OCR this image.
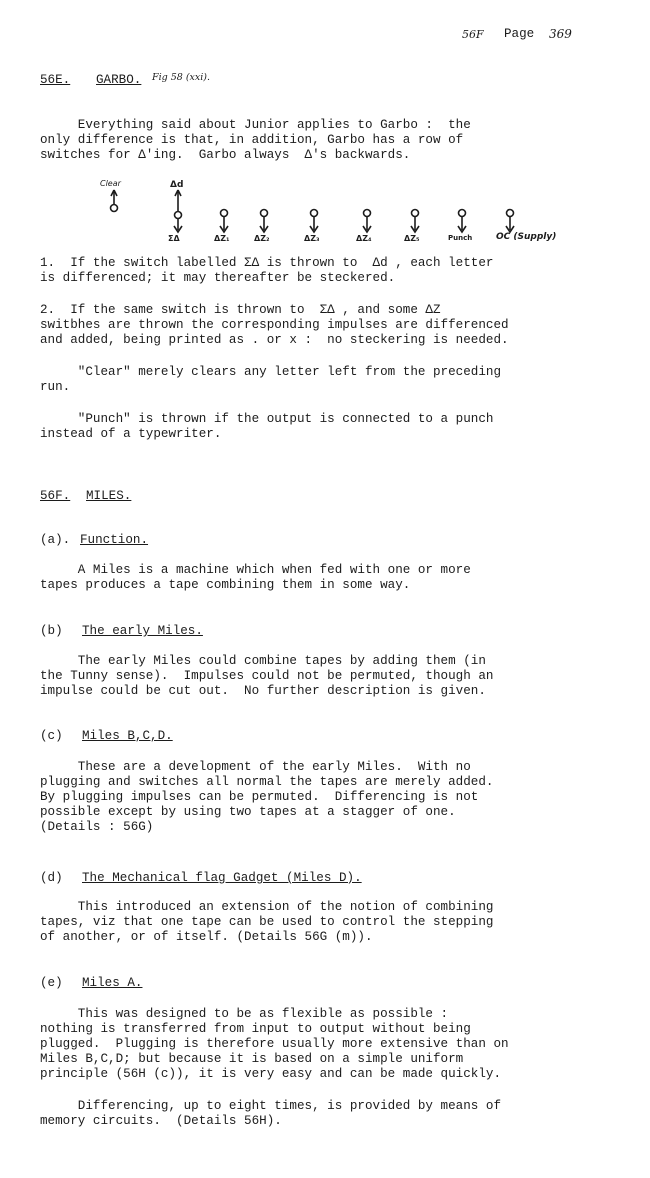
56F Page 369
56E. GARBO. Fig 58 (xxi).
Everything said about Junior applies to Garbo :  the
only difference is that, in addition, Garbo has a row of
switches for Δ'ing.  Garbo always  Δ's backwards.
Clear	Δd
ΣΔ	ΔZ₁	ΔZ₂	ΔZ₃	ΔZ₄	ΔZ₅	Punch	OC (Supply)
1.  If the switch labelled ΣΔ is thrown to  Δd , each letter
is differenced; it may thereafter be steckered.
2.  If the same switch is thrown to  ΣΔ , and some ΔZ
switbhes are thrown the corresponding impulses are differenced
and added, being printed as . or x :  no steckering is needed.
"Clear" merely clears any letter left from the preceding
run.
"Punch" is thrown if the output is connected to a punch
instead of a typewriter.
56F. MILES.
(a). Function.
A Miles is a machine which when fed with one or more
tapes produces a tape combining them in some way.
(b) The early Miles.
The early Miles could combine tapes by adding them (in
the Tunny sense).  Impulses could not be permuted, though an
impulse could be cut out.  No further description is given.
(c) Miles B,C,D.
These are a development of the early Miles.  With no
plugging and switches all normal the tapes are merely added.
By plugging impulses can be permuted.  Differencing is not
possible except by using two tapes at a stagger of one.
(Details : 56G)
(d) The Mechanical flag Gadget (Miles D).
This introduced an extension of the notion of combining
tapes, viz that one tape can be used to control the stepping
of another, or of itself. (Details 56G (m)).
(e) Miles A.
This was designed to be as flexible as possible :
nothing is transferred from input to output without being
plugged.  Plugging is therefore usually more extensive than on
Miles B,C,D; but because it is based on a simple uniform
principle (56H (c)), it is very easy and can be made quickly.
Differencing, up to eight times, is provided by means of
memory circuits.  (Details 56H).
